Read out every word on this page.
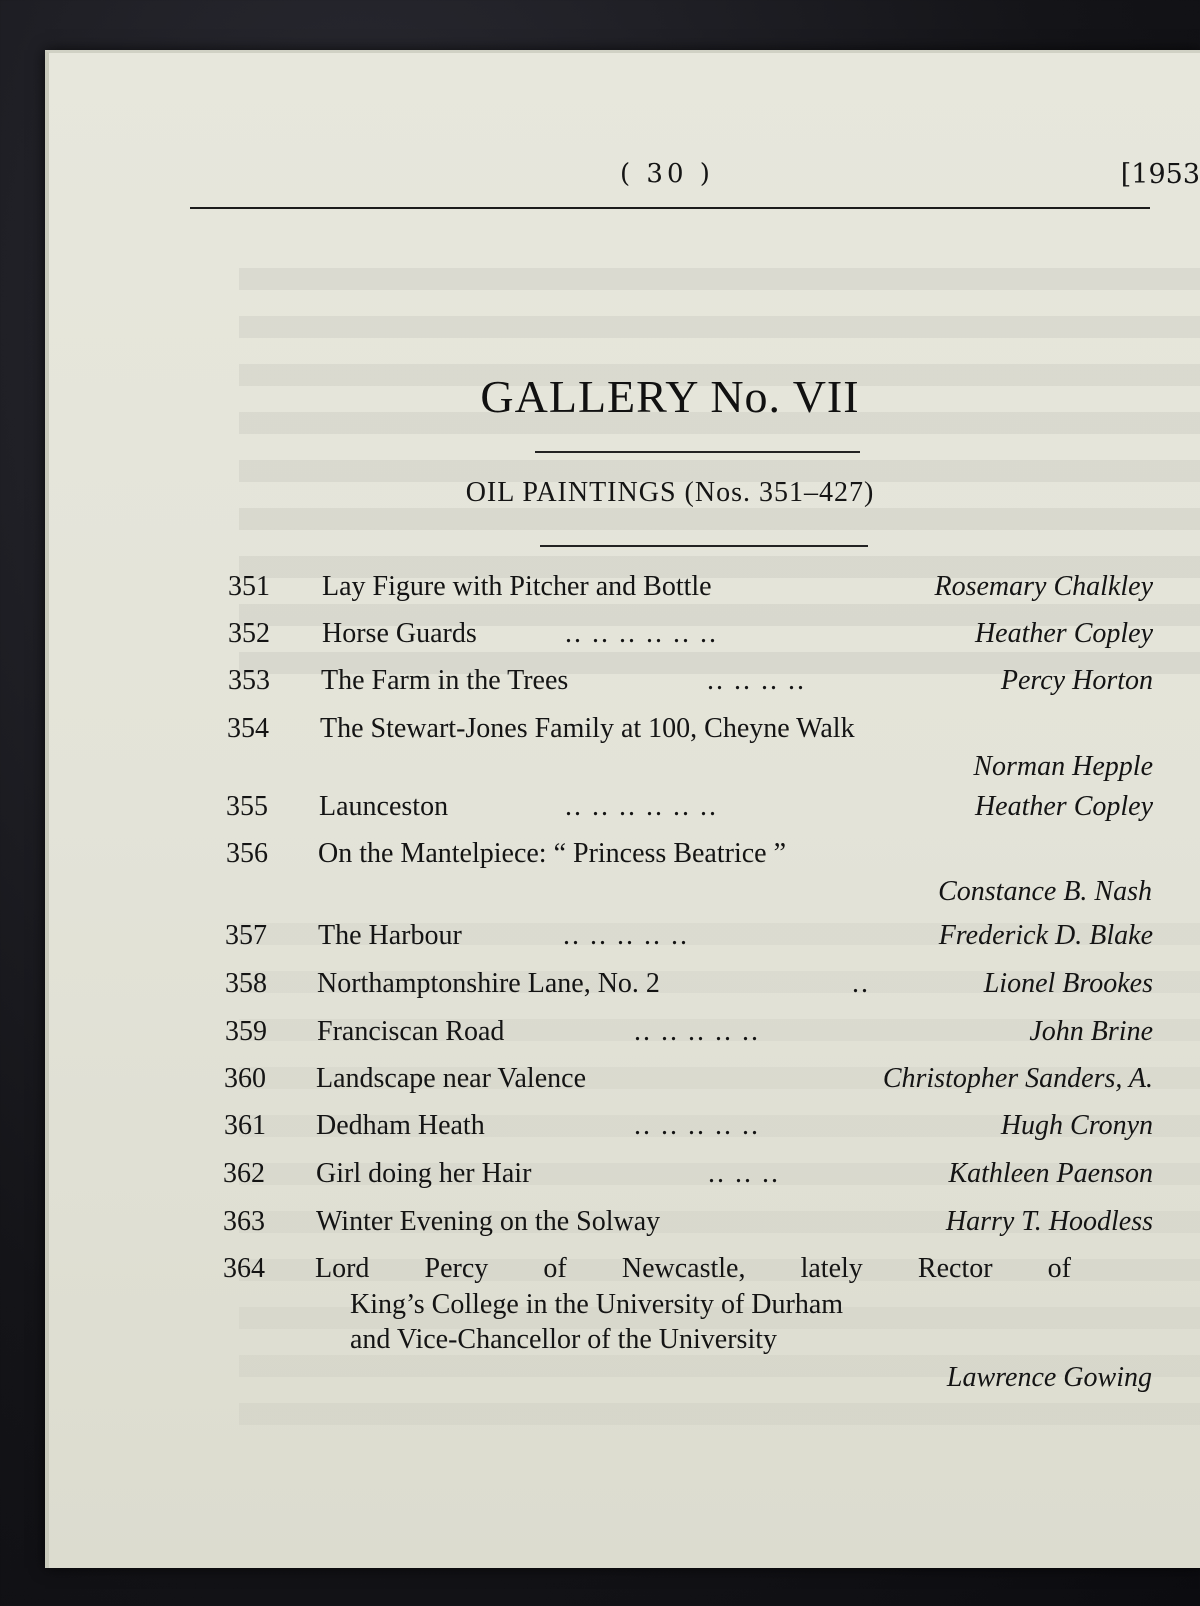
( 30 )	[1953
GALLERY No. VII
OIL PAINTINGS (Nos. 351–427)
351	Lay Figure with Pitcher and Bottle	Rosemary Chalkley
352	Horse Guards	.. .. .. .. .. ..	Heather Copley
353	The Farm in the Trees	.. .. .. ..	Percy Horton
354	The Stewart-Jones Family at 100, Cheyne Walk
Norman Hepple
355	Launceston	.. .. .. .. .. ..	Heather Copley
356	On the Mantelpiece: “ Princess Beatrice ”
Constance B. Nash
357	The Harbour	.. .. .. .. ..	Frederick D. Blake
358	Northamptonshire Lane, No. 2	..	Lionel Brookes
359	Franciscan Road	.. .. .. .. ..	John Brine
360	Landscape near Valence	Christopher Sanders, A.
361	Dedham Heath	.. .. .. .. ..	Hugh Cronyn
362	Girl doing her Hair	.. .. ..	Kathleen Paenson
363	Winter Evening on the Solway	Harry T. Hoodless
364	Lord Percy of Newcastle, lately Rector of
King’s College in the University of Durham
and Vice-Chancellor of the University
Lawrence Gowing
